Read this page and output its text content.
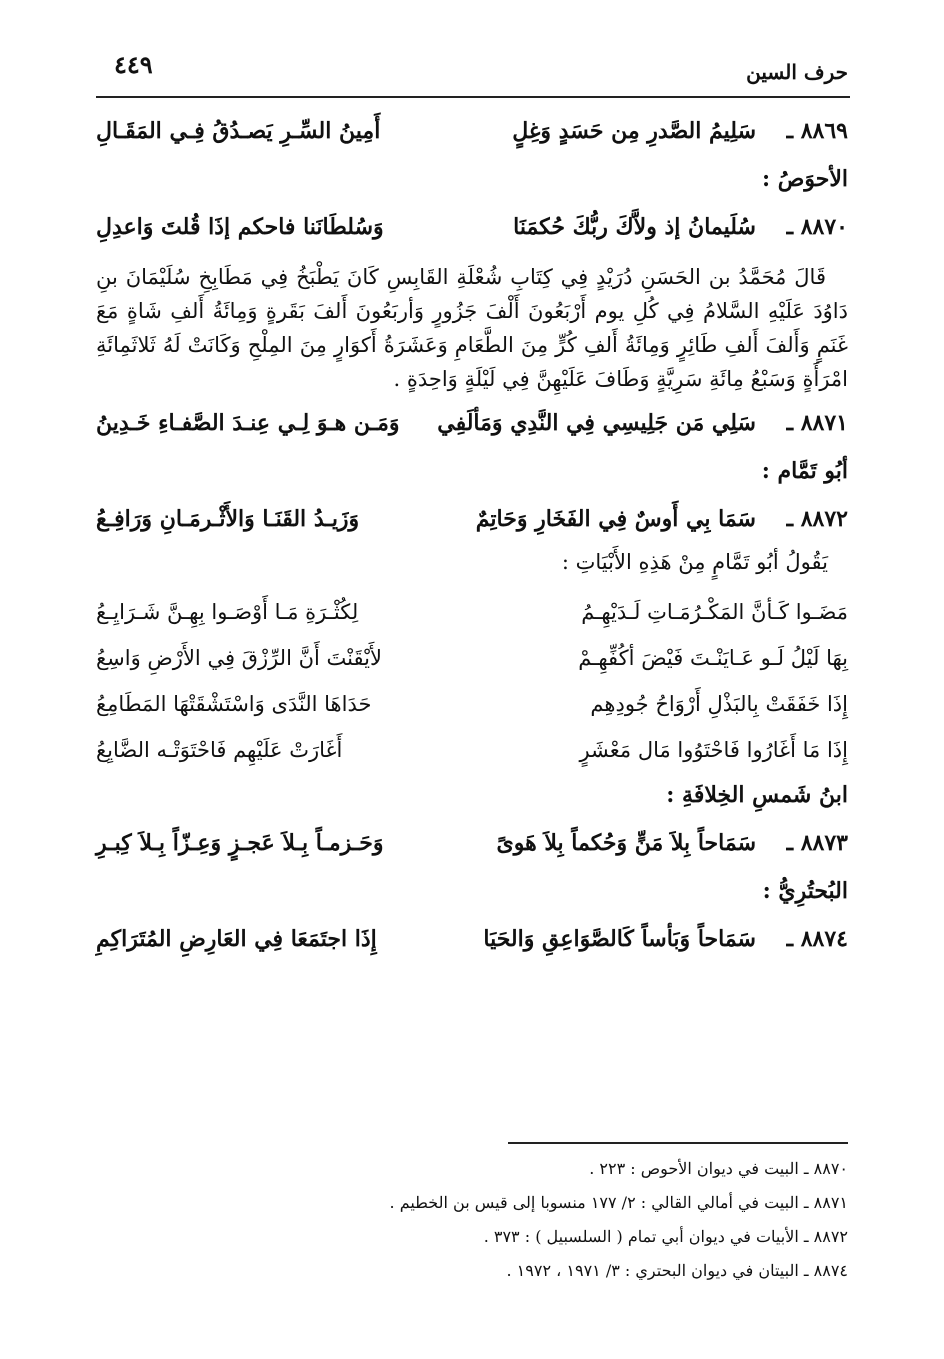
حرف السين
٤٤٩
٨٨٦٩ ـ
سَلِيمُ الصَّدرِ مِن حَسَدٍ وَغِلٍ
أَمِينُ السِّـرِ يَصـدُقُ فِـي المَقَـالِ
الأحوَصُ :
٨٨٧٠ ـ
سُلَيمانُ إذ ولاَّكَ ربُّكَ حُكمَنَا
وَسُلطَانَنا فاحكم إذَا قُلتَ وَاعدِلِ
قَالَ مُحَمَّدُ بن الحَسَنِ دُرَيْدٍ فِي كِتَابِ شُعْلَةِ القَابِسِ كَانَ يَطْبَخُ فِي مَطَابِخِ سُلَيْمَانَ بنِ دَاوُدَ عَلَيْهِ السَّلامُ فِي كُلِ يوم أَرْبَعُونَ أَلْفَ جَزُورٍ وَأربَعُونَ أَلفَ بَقَرةٍ وَمِائَةُ أَلفِ شَاةٍ مَعَ غَنَمٍ وَأَلفَ أَلفِ طَائِرٍ وَمِائَةُ أَلفِ كُرٍّ مِنَ الطَّعَامِ وَعَشَرَةُ أَكوَارٍ مِنَ المِلْحِ وَكَانَتْ لَهُ ثَلاثَمِائَةِ امْرَأَةٍ وَسَبْعُ مِائَةِ سَرِيَّةٍ وَطَافَ عَلَيْهِنَّ فِي لَيْلَةٍ وَاحِدَةٍ .
٨٨٧١ ـ
سَلِي مَن جَلِيسِي فِي النَّدِي وَمَألَفِي
وَمَـن هـوَ لِـي عِنـدَ الصَّفـاءِ خَـدِينُ
أبُو تَمَّام :
٨٨٧٢ ـ
سَمَا بِي أَوسٌ فِي الفَخَارِ وَحَاتِمٌ
وَزَيـدُ القَنَـا وَالأَثْـرمَـانِ وَرَافِـعُ
يَقُولُ أبُو تَمَّامٍ مِنْ هَذِهِ الأَبْيَاتِ :
مَضَـوا كَـأنَّ المَكْـرُمَـاتِ لَـدَيْهِـمُ
لِكُثْـرَةِ مَـا أَوْصَـوا بِهِـنَّ شَـرَايِـعُ
بِهَا لَيْلُ لَـو عَـايَنْـتَ فَيْضَ أكُفِّهِـمْ
لأَيْقَنْتَ أَنَّ الرِّزْقَ فِي الأَرْضِ وَاسِعُ
إِذَا خَفَقَتْ بِالبَذْلِ أَرْوَاحُ جُودِهِم
حَدَاهَا النَّدَى وَاسْتَشْقَتْهَا المَطَامِعُ
إِذَا مَا أَغَارُوا فَاحْتَوُوا مَال مَعْشَرٍ
أَغَارَتْ عَلَيْهِم فَاحْتَوَتْـه الضَّايِعُ
ابنُ شَمسِ الخِلافَةِ :
٨٨٧٣ ـ
سَمَاحاً بِلاَ مَنٍّ وَحُكماً بِلاَ هَوىً
وَحَـزمـاً بِـلاَ عَجـزٍ وَعِـزّاً بِـلاَ كِبـرِ
البُحتُرِيُّ :
٨٨٧٤ ـ
سَمَاحاً وَبَأساً كَالصَّوَاعِقِ وَالحَيَا
إِذَا اجتَمَعَا فِي العَارِضِ المُتَرَاكِمِ
٨٨٧٠ ـ البيت في ديوان الأحوص : ٢٢٣ .
٨٨٧١ ـ البيت في أمالي القالي : ٢/ ١٧٧ منسوبا إلى قيس بن الخطيم .
٨٨٧٢ ـ الأبيات في ديوان أبي تمام ( السلسبيل ) : ٣٧٣ .
٨٨٧٤ ـ البيتان في ديوان البحتري : ٣/ ١٩٧١ ، ١٩٧٢ .
